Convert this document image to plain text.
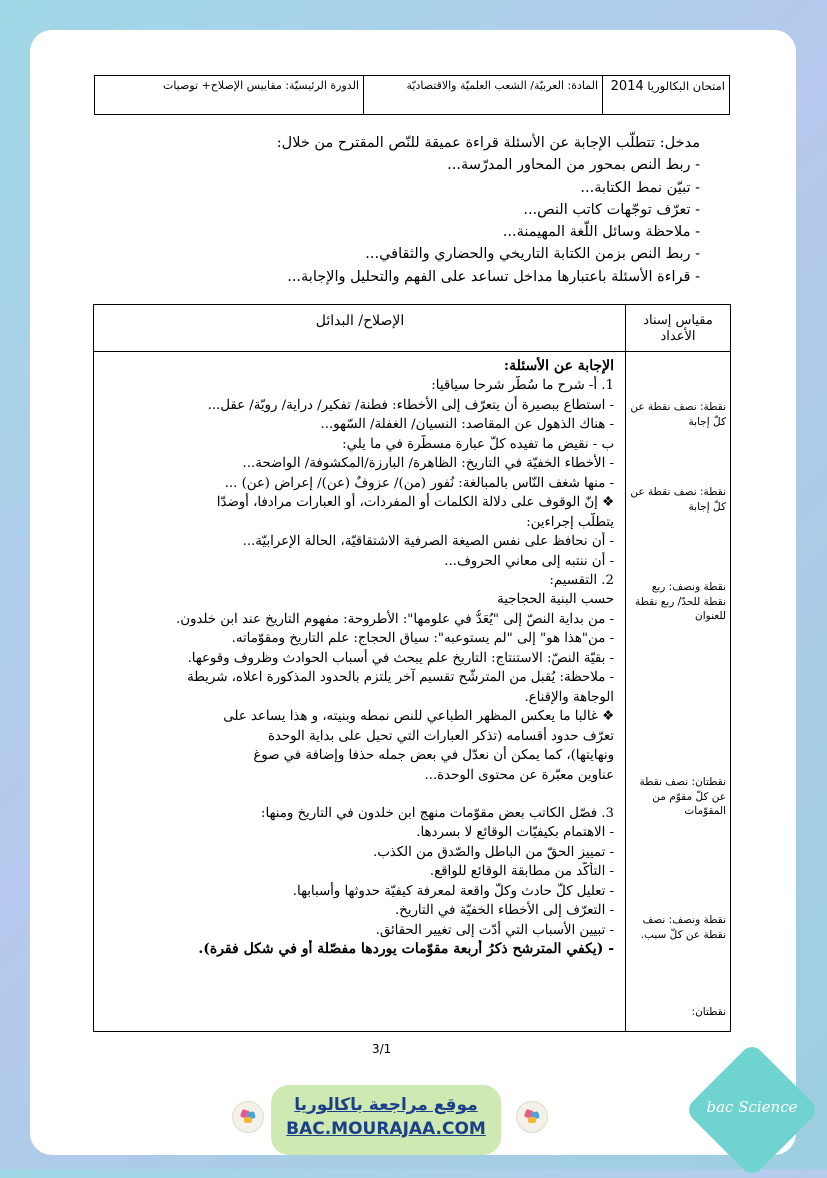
امتحان البكالوريا 2014
المادة: العربيّة/ الشعب العلميّة والاقتصاديّة
الدورة الرئيسيّة: مقاييس الإصلاح+ توصيات
مدخل: تتطلّب الإجابة عن الأسئلة قراءة عميقة للنّص المقترح من خلال:
- ربط النص بمحور من المحاور المدرّسة...
- تبيّن نمط الكتابة...
- تعرّف توجّهات كاتب النص...
- ملاحظة وسائل اللّغة المهيمنة...
- ربط النص بزمن الكتابة التاريخي والحضاري والثقافي...
- قراءة الأسئلة باعتبارها مداخل تساعد على الفهم والتحليل والإجابة...
مقياس إسناد الأعداد
الإصلاح/ البدائل
نقطة: نصف نقطة عن كلّ إجابة
نقطة: نصف نقطة عن كلّ إجابة
نقطة ونصف: ربع نقطة للحدّ/ ربع نقطة للعنوان
نقطتان: نصف نقطة عن كلّ مقوّم من المقوّمات
نقطة ونصف: نصف نقطة عن كلّ سبب.
نقطتان:
الإجابة عن الأسئلة:
1. أ- شرح ما سُطّر شرحا سياقيا:
- استطاع ببصيرة أن يتعرّف إلى الأخطاء: فطنة/ تفكير/ دراية/ رويّة/ عقل...
- هناك الذهول عن المقاصد: النسيان/ الغفلة/ السّهو...
ب - نقيض ما تفيده كلّ عبارة مسطّرة في ما يلي:
- الأخطاء الخفيّة في التاريخ: الظاهرة/ البارزة/المكشوفة/ الواضحة...
- منها شغف النّاس بالمبالغة: نُفور (من)/ عزوفٌ (عن)/ إعراض (عن) ...
❖ إنّ الوقوف على دلالة الكلمات أو المفردات، أو العبارات مرادفا، أوضدّا
يتطلّب إجراءين:
- أن نحافظ على نفس الصيغة الصرفية الاشتقاقيّة، الحالة الإعرابيّة...
- أن ننتبه إلى معاني الحروف...
2. التقسيم:
حسب البنية الحجاجية
- من بداية النصّ إلى "يُعَدُّ في علومها": الأطروحة: مفهوم التاريخ عند ابن خلدون.
- من"هذا هو" إلى "لم يستوعبه": سياق الحجاج: علم التاريخ ومقوّماته.
- بقيّة النصّ: الاستنتاج: التاريخ علم يبحث في أسباب الحوادث وظروف وقوعها.
- ملاحظة: يُقبل من المترشّح تقسيم آخر يلتزم بالحدود المذكورة اعلاه، شريطة
الوجاهة والإقناع.
❖ غالبا ما يعكس المظهر الطباعي للنص نمطه وبنيته، و هذا يساعد على
تعرّف حدود أقسامه (تذكر العبارات التي تحيل على بداية الوحدة
ونهايتها)، كما يمكن أن نعدّل في بعض جمله حذفا وإضافة في صوغ
عناوين معبّرة عن محتوى الوحدة...
3. فصّل الكاتب بعض مقوّمات منهج ابن خلدون في التاريخ ومنها:
- الاهتمام بكيفيّات الوقائع لا بسردها.
- تمييز الحقّ من الباطل والصّدق من الكذب.
- التأكّد من مطابقة الوقائع للواقع.
- تعليل كلّ حادث وكلّ واقعة لمعرفة كيفيّة حدوثها وأسبابها.
- التعرّف إلى الأخطاء الخفيّة في التاريخ.
- تبيين الأسباب التي أدّت إلى تغيير الحقائق.
- (يكفي المترشح ذكرُ أربعة مقوّمات يوردها مفصّلة أو في شكل فقرة).
3/1
موقع مراجعة باكالوريا
BAC.MOURAJAA.COM
bac Science
